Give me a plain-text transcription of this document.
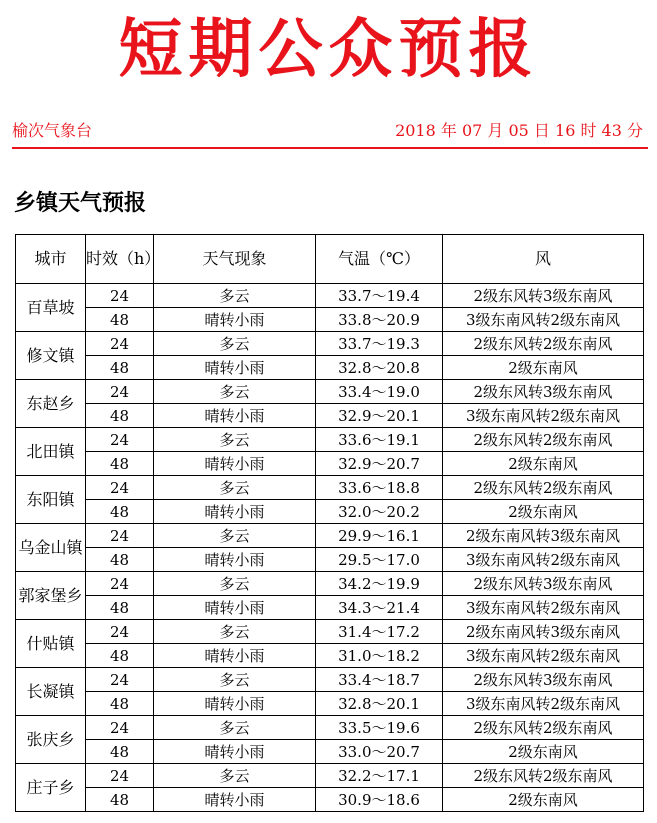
短期公众预报
榆次气象台	2018 年 07 月 05 日 16 时 43 分
乡镇天气预报
城市	时效（h）	天气现象	气温（℃）	风
百草坡	24	多云	33.7～19.4	2级东风转3级东南风
	48	晴转小雨	33.8～20.9	3级东南风转2级东南风
修文镇	24	多云	33.7～19.3	2级东风转2级东南风
	48	晴转小雨	32.8～20.8	2级东南风
东赵乡	24	多云	33.4～19.0	2级东风转3级东南风
	48	晴转小雨	32.9～20.1	3级东南风转2级东南风
北田镇	24	多云	33.6～19.1	2级东风转2级东南风
	48	晴转小雨	32.9～20.7	2级东南风
东阳镇	24	多云	33.6～18.8	2级东风转2级东南风
	48	晴转小雨	32.0～20.2	2级东南风
乌金山镇	24	多云	29.9～16.1	2级东南风转3级东南风
	48	晴转小雨	29.5～17.0	3级东南风转2级东南风
郭家堡乡	24	多云	34.2～19.9	2级东风转3级东南风
	48	晴转小雨	34.3～21.4	3级东南风转2级东南风
什贴镇	24	多云	31.4～17.2	2级东南风转3级东南风
	48	晴转小雨	31.0～18.2	3级东南风转2级东南风
长凝镇	24	多云	33.4～18.7	2级东风转3级东南风
	48	晴转小雨	32.8～20.1	3级东南风转2级东南风
张庆乡	24	多云	33.5～19.6	2级东风转2级东南风
	48	晴转小雨	33.0～20.7	2级东南风
庄子乡	24	多云	32.2～17.1	2级东风转2级东南风
	48	晴转小雨	30.9～18.6	2级东南风
